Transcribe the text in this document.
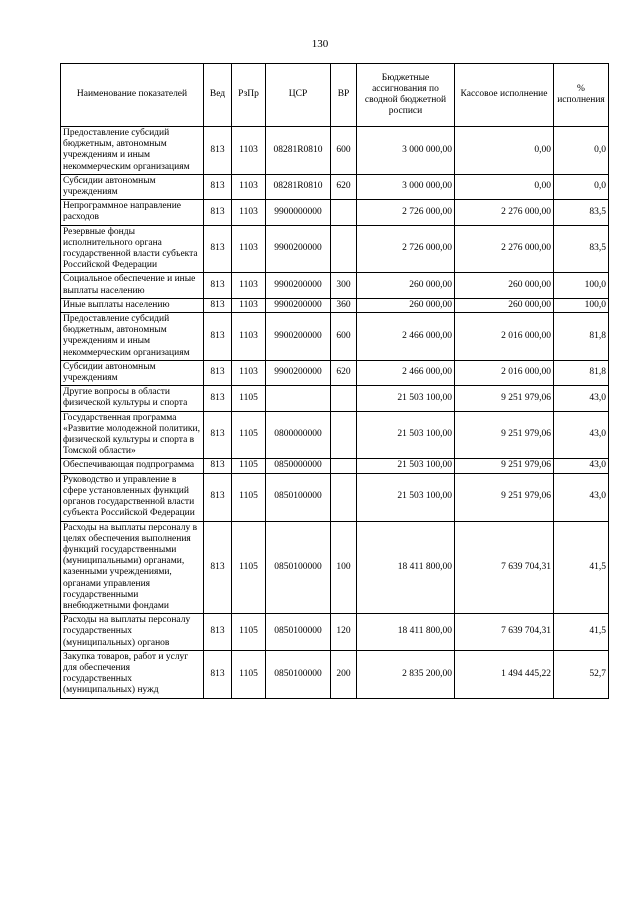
130
Наименование показателей	Вед	РзПр	ЦСР	ВР	Бюджетные ассигнования по сводной бюджетной росписи	Кассовое исполнение	% исполнения
Предоставление субсидий бюджетным, автономным учреждениям и иным некоммерческим организациям	813	1103	08281R0810	600	3 000 000,00	0,00	0,0
Субсидии автономным учреждениям	813	1103	08281R0810	620	3 000 000,00	0,00	0,0
Непрограммное направление расходов	813	1103	9900000000		2 726 000,00	2 276 000,00	83,5
Резервные фонды исполнительного органа государственной власти субъекта Российской Федерации	813	1103	9900200000		2 726 000,00	2 276 000,00	83,5
Социальное обеспечение и иные выплаты населению	813	1103	9900200000	300	260 000,00	260 000,00	100,0
Иные выплаты населению	813	1103	9900200000	360	260 000,00	260 000,00	100,0
Предоставление субсидий бюджетным, автономным учреждениям и иным некоммерческим организациям	813	1103	9900200000	600	2 466 000,00	2 016 000,00	81,8
Субсидии автономным учреждениям	813	1103	9900200000	620	2 466 000,00	2 016 000,00	81,8
Другие вопросы в области физической культуры и спорта	813	1105			21 503 100,00	9 251 979,06	43,0
Государственная программа «Развитие молодежной политики, физической культуры и спорта в Томской области»	813	1105	0800000000		21 503 100,00	9 251 979,06	43,0
Обеспечивающая подпрограмма	813	1105	0850000000		21 503 100,00	9 251 979,06	43,0
Руководство и управление в сфере установленных функций органов государственной власти субъекта Российской Федерации	813	1105	0850100000		21 503 100,00	9 251 979,06	43,0
Расходы на выплаты персоналу в целях обеспечения выполнения функций государственными (муниципальными) органами, казенными учреждениями, органами управления государственными внебюджетными фондами	813	1105	0850100000	100	18 411 800,00	7 639 704,31	41,5
Расходы на выплаты персоналу государственных (муниципальных) органов	813	1105	0850100000	120	18 411 800,00	7 639 704,31	41,5
Закупка товаров, работ и услуг для обеспечения государственных (муниципальных) нужд	813	1105	0850100000	200	2 835 200,00	1 494 445,22	52,7
